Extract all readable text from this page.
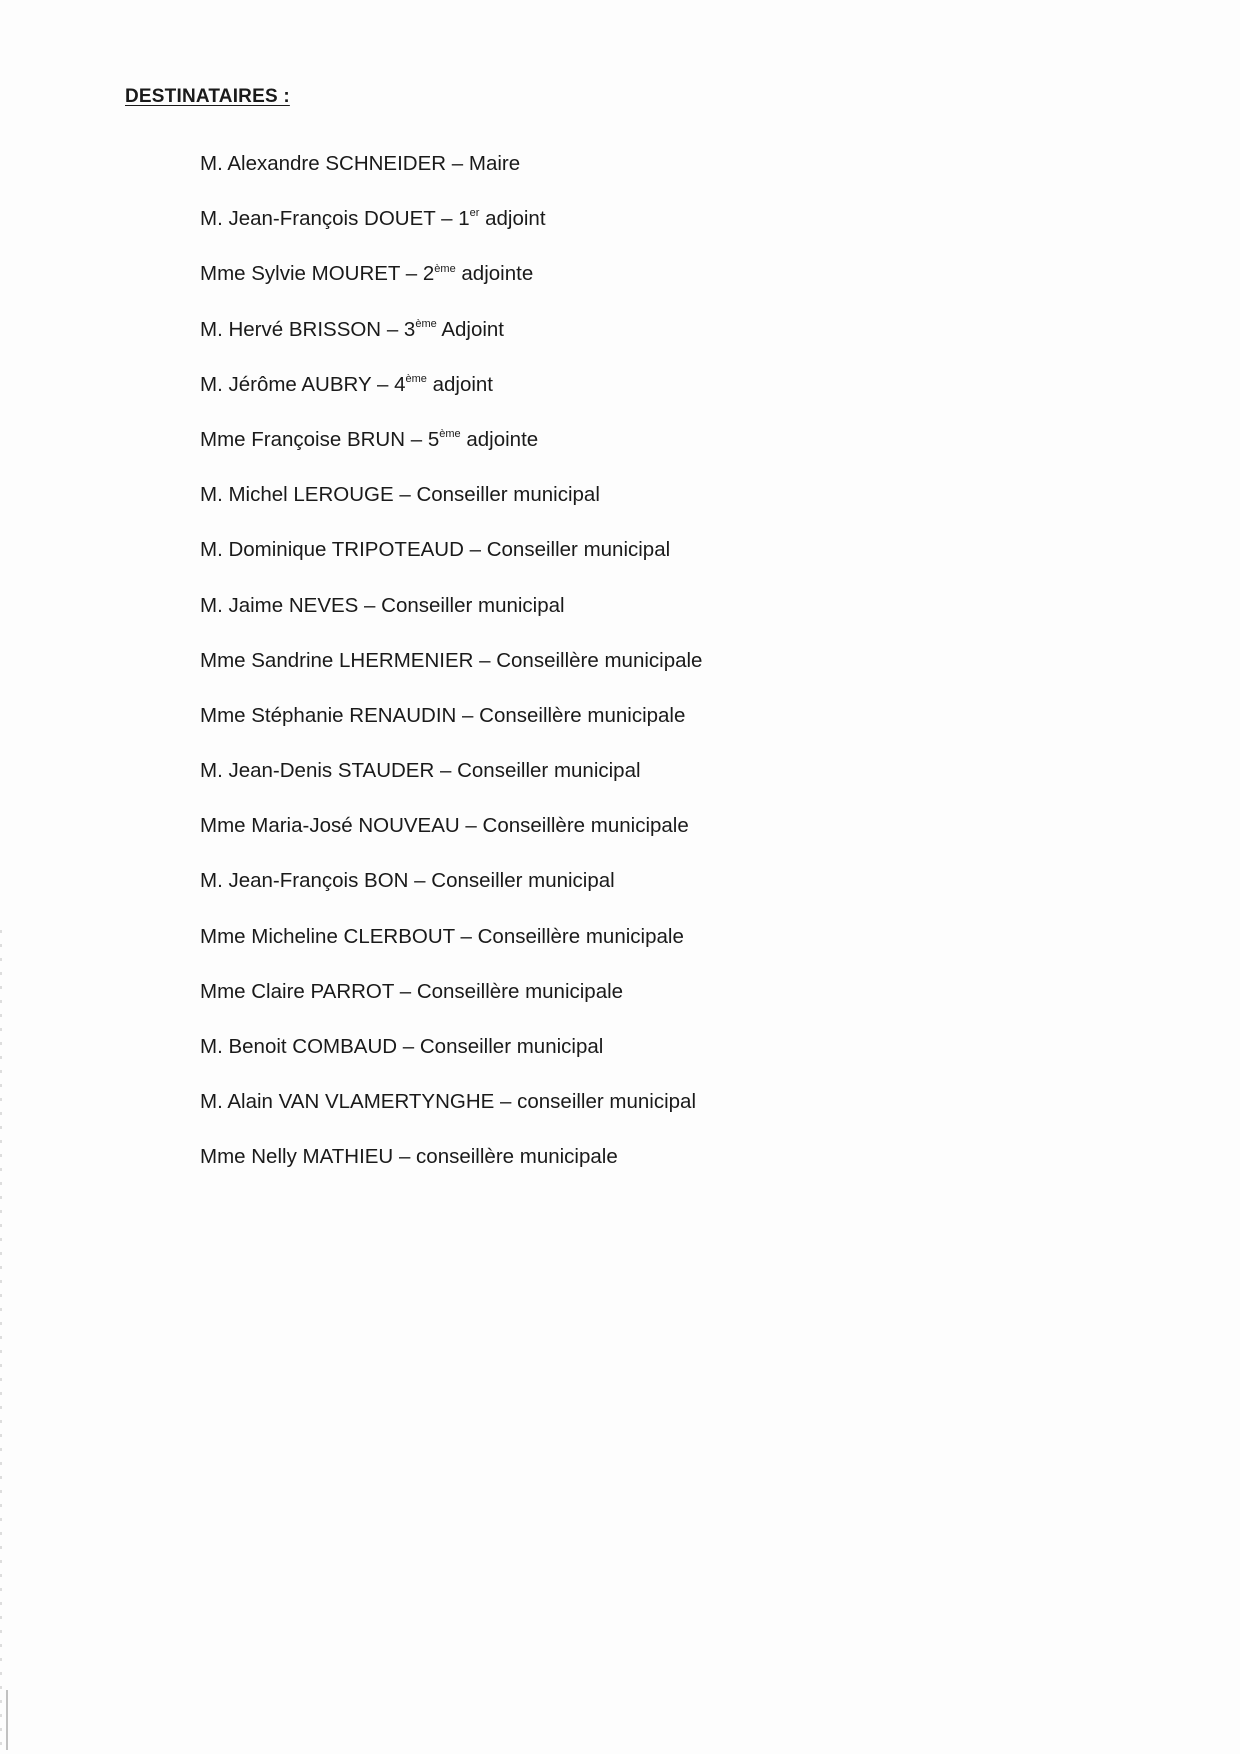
DESTINATAIRES :
M. Alexandre SCHNEIDER – Maire
M. Jean-François DOUET – 1er adjoint
Mme Sylvie MOURET – 2ème adjointe
M. Hervé BRISSON – 3ème Adjoint
M. Jérôme AUBRY – 4ème adjoint
Mme Françoise BRUN – 5ème adjointe
M. Michel LEROUGE – Conseiller municipal
M. Dominique TRIPOTEAUD – Conseiller municipal
M. Jaime NEVES – Conseiller municipal
Mme Sandrine LHERMENIER – Conseillère municipale
Mme Stéphanie RENAUDIN – Conseillère municipale
M. Jean-Denis STAUDER – Conseiller municipal
Mme Maria-José NOUVEAU – Conseillère municipale
M. Jean-François BON – Conseiller municipal
Mme Micheline CLERBOUT – Conseillère municipale
Mme Claire PARROT – Conseillère municipale
M. Benoit COMBAUD – Conseiller municipal
M. Alain VAN VLAMERTYNGHE – conseiller municipal
Mme Nelly MATHIEU – conseillère municipale
